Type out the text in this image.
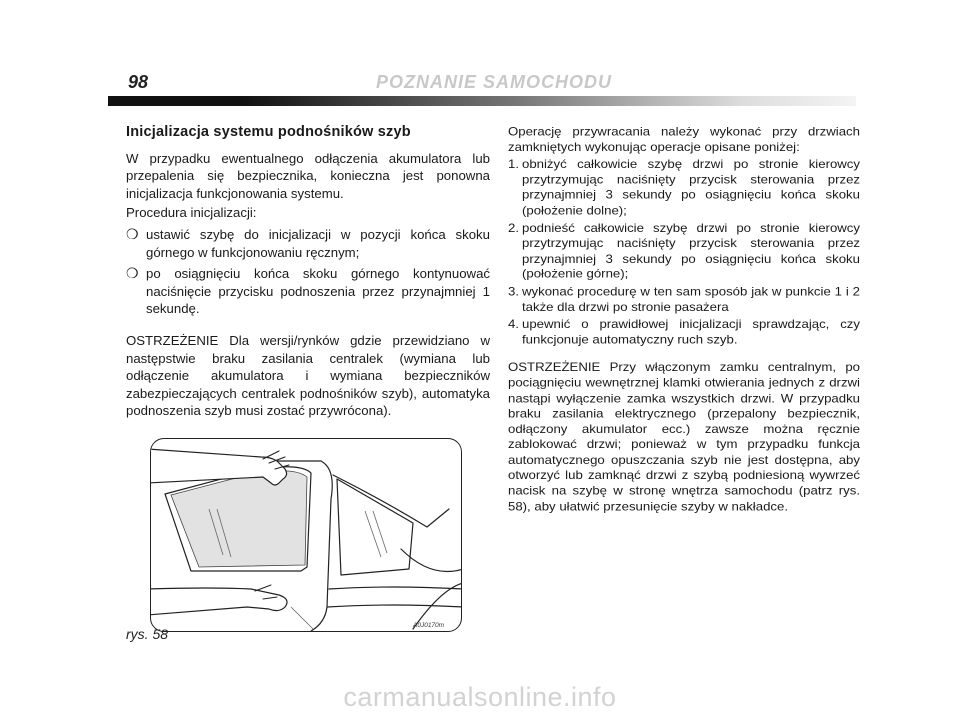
98	POZNANIE SAMOCHODU
Inicjalizacja systemu podnośników szyb

W przypadku ewentualnego odłączenia akumulatora lub przepalenia się bezpiecznika, konieczna jest ponowna inicjalizacja funkcjonowania systemu.

Procedura inicjalizacji:

❍ ustawić szybę do inicjalizacji w pozycji końca skoku górnego w funkcjonowaniu ręcznym;
❍ po osiągnięciu końca skoku górnego kontynuować naciśnięcie przycisku podnoszenia przez przynajmniej 1 sekundę.

OSTRZEŻENIE Dla wersji/rynków gdzie przewidziano w następstwie braku zasilania centralek (wymiana lub odłączenie akumulatora i wymiana bezpieczników zabezpieczających centralek podnośników szyb), automatyka podnoszenia szyb musi zostać przywrócona).

Operację przywracania należy wykonać przy drzwiach zamkniętych wykonując operacje opisane poniżej:

1. obniżyć całkowicie szybę drzwi po stronie kierowcy przytrzymując naciśnięty przycisk sterowania przez przynajmniej 3 sekundy po osiągnięciu końca skoku (położenie dolne);
2. podnieść całkowicie szybę drzwi po stronie kierowcy przytrzymując naciśnięty przycisk sterowania przez przynajmniej 3 sekundy po osiągnięciu końca skoku (położenie górne);
3. wykonać procedurę w ten sam sposób jak w punkcie 1 i 2 także dla drzwi po stronie pasażera
4. upewnić o prawidłowej inicjalizacji sprawdzając, czy funkcjonuje automatyczny ruch szyb.

OSTRZEŻENIE Przy włączonym zamku centralnym, po pociągnięciu wewnętrznej klamki otwierania jednych z drzwi nastąpi wyłączenie zamka wszystkich drzwi. W przypadku braku zasilania elektrycznego (przepalony bezpiecznik, odłączony akumulator ecc.) zawsze można ręcznie zablokować drzwi; ponieważ w tym przypadku funkcja automatycznego opuszczania szyb nie jest dostępna, aby otworzyć lub zamknąć drzwi z szybą podniesioną wywrzeć nacisk na szybę w stronę wnętrza samochodu (patrz rys. 58), aby ułatwić przesunięcie szyby w nakładce.

rys. 58
A0J0170m
carmanualsonline.info
